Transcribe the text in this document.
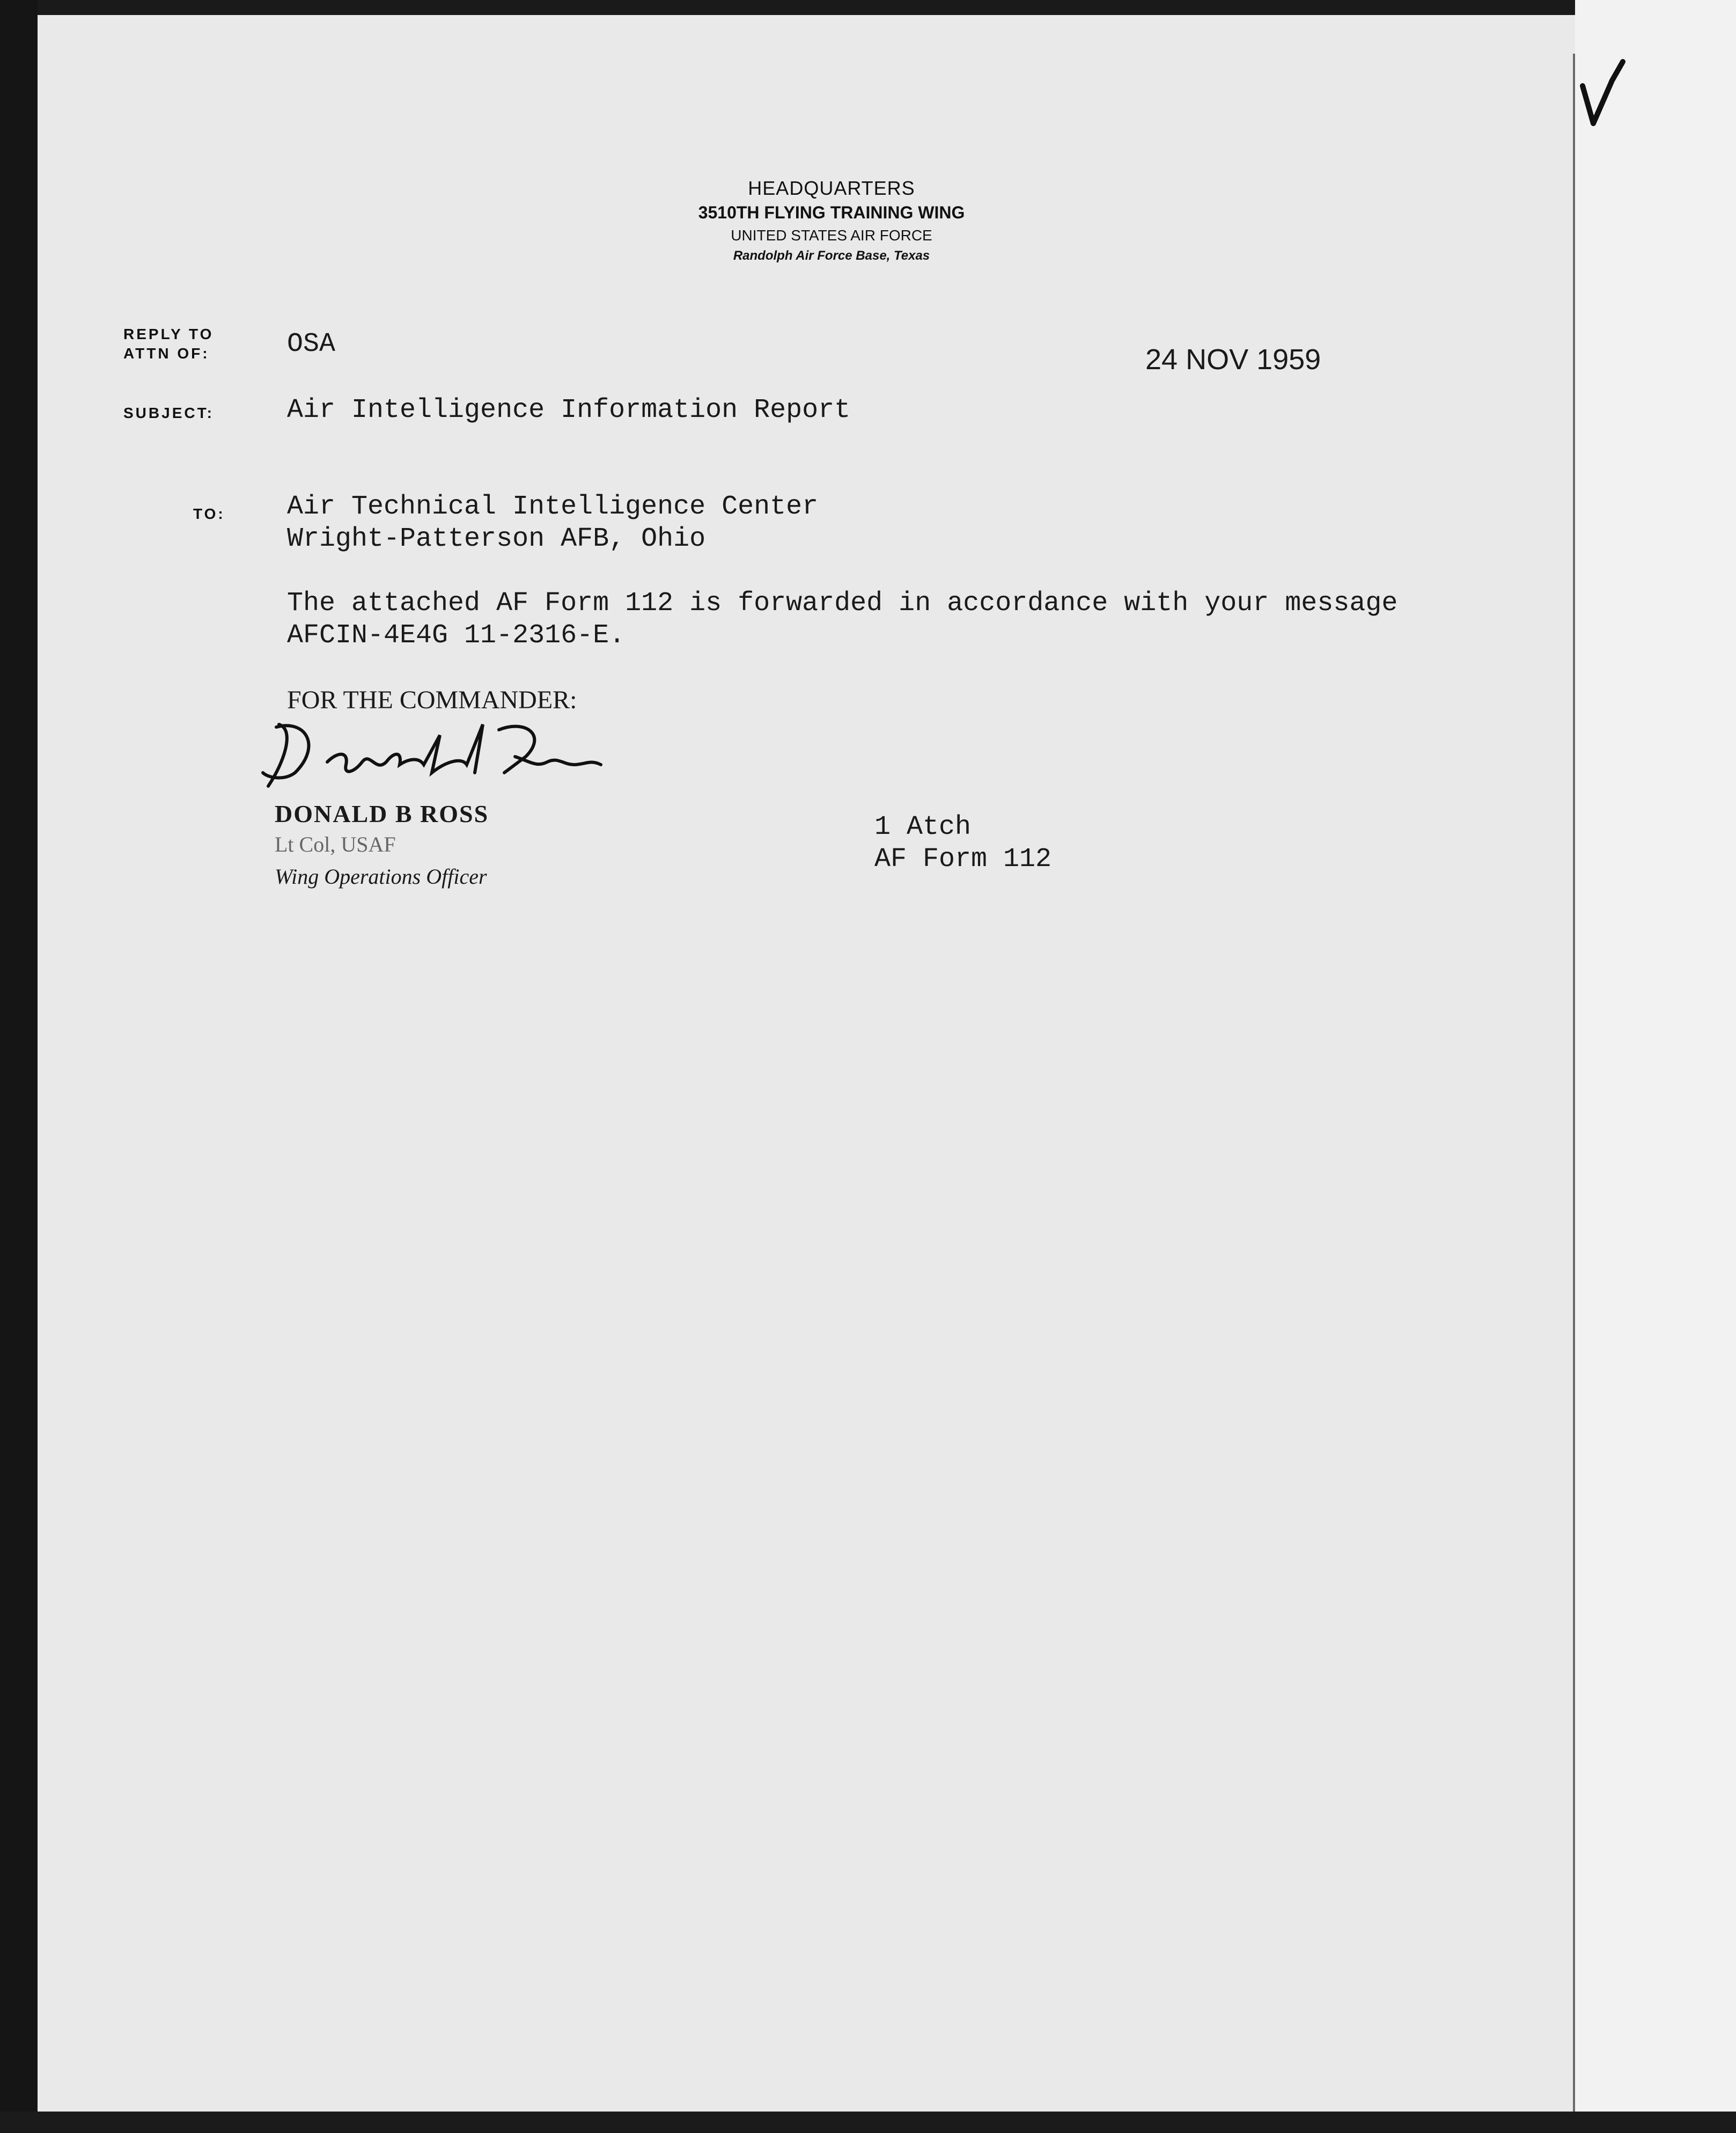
HEADQUARTERS
3510TH FLYING TRAINING WING
UNITED STATES AIR FORCE
Randolph Air Force Base, Texas
REPLY TO ATTN OF:	OSA	24 NOV 1959
SUBJECT:	Air Intelligence Information Report
TO: Air Technical Intelligence Center
Wright-Patterson AFB, Ohio
The attached AF Form 112 is forwarded in accordance with your message
AFCIN-4E4G 11-2316-E.
FOR THE COMMANDER:
DONALD B ROSS
Lt Col, USAF
Wing Operations Officer
1 Atch
AF Form 112
